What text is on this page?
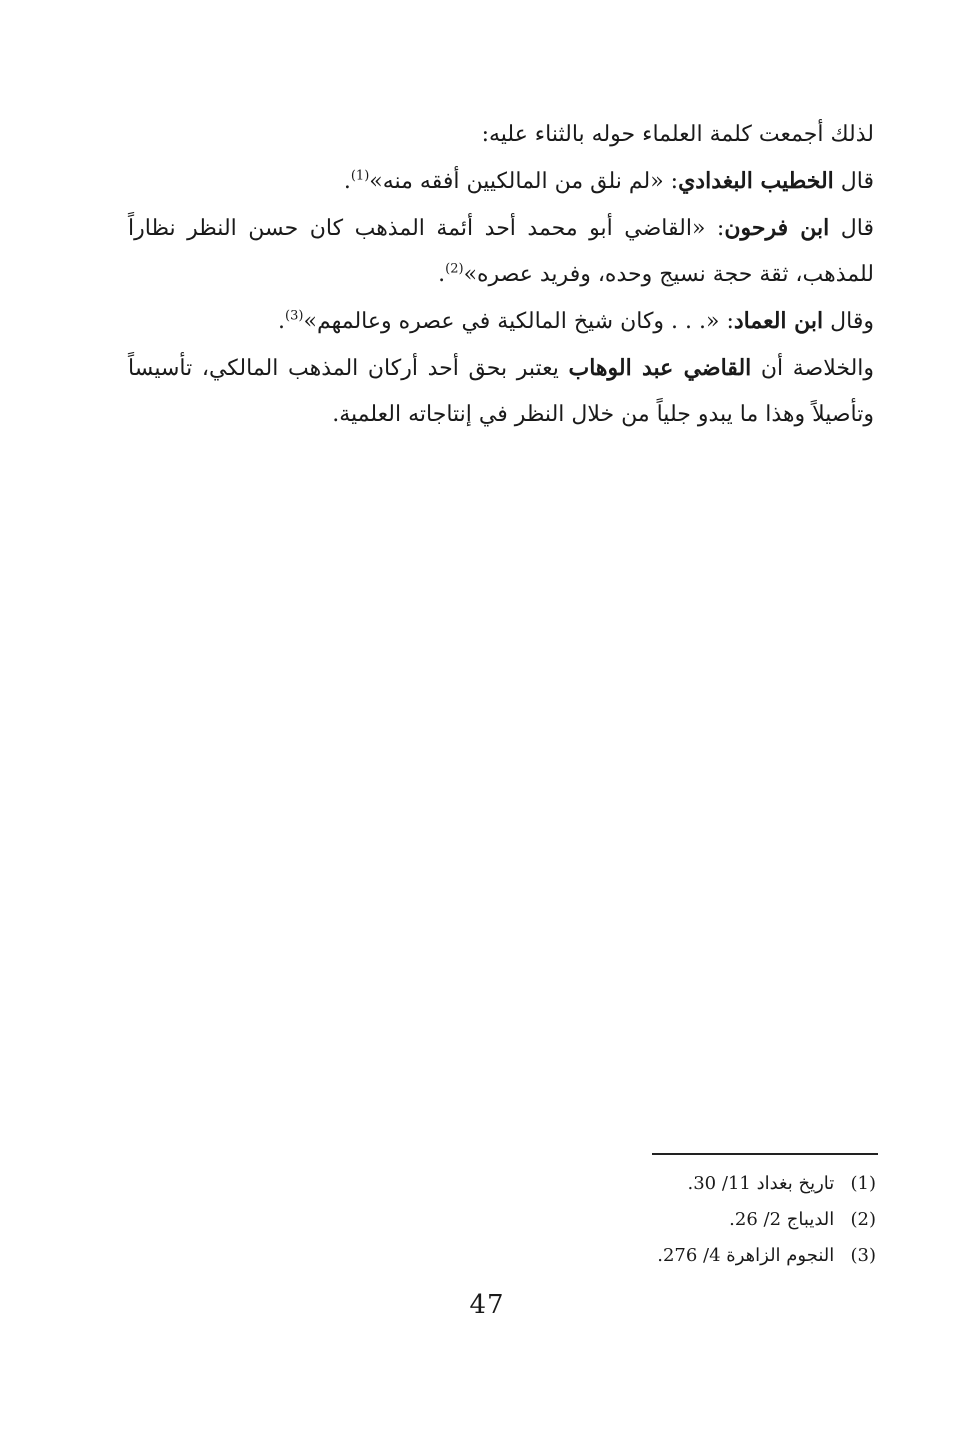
لذلك أجمعت كلمة العلماء حوله بالثناء عليه:

قال الخطيب البغدادي: «لم نلق من المالكيين أفقه منه»$^{(1)}$.

قال ابن فرحون: «القاضي أبو محمد أحد أئمة المذهب كان حسن النظر نظاراً للمذهب، ثقة حجة نسيج وحده، وفريد عصره»$^{(2)}$.

وقال ابن العماد: «. . . وكان شيخ المالكية في عصره وعالمهم»$^{(3)}$.

والخلاصة أن القاضي عبد الوهاب يعتبر بحق أحد أركان المذهب المالكي، تأسيساً وتأصيلاً وهذا ما يبدو جلياً من خلال النظر في إنتاجاته العلمية.

(1) تاريخ بغداد 11/ 30.
(2) الديباج 2/ 26.
(3) النجوم الزاهرة 4/ 276.
47
